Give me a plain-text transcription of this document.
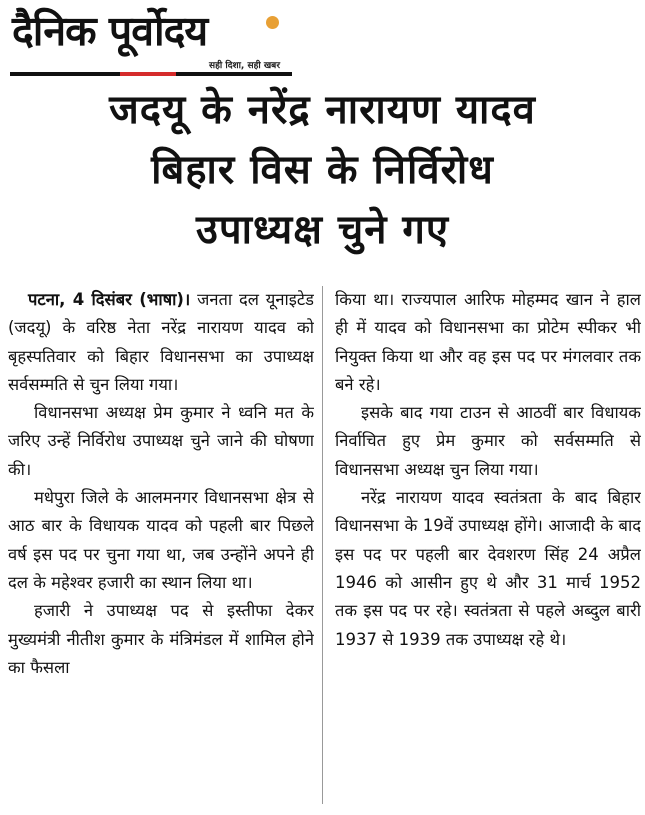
दैनिक पूर्वोदय
सही दिशा, सही खबर
जदयू के नरेंद्र नारायण यादव
बिहार विस के निर्विरोध
उपाध्यक्ष चुने गए

पटना, 4 दिसंबर (भाषा)। जनता दल यूनाइटेड (जदयू) के वरिष्ठ नेता नरेंद्र नारायण यादव को बृहस्पतिवार को बिहार विधानसभा का उपाध्यक्ष सर्वसम्मति से चुन लिया गया।

विधानसभा अध्यक्ष प्रेम कुमार ने ध्वनि मत के जरिए उन्हें निर्विरोध उपाध्यक्ष चुने जाने की घोषणा की।

मधेपुरा जिले के आलमनगर विधानसभा क्षेत्र से आठ बार के विधायक यादव को पहली बार पिछले वर्ष इस पद पर चुना गया था, जब उन्होंने अपने ही दल के महेश्वर हजारी का स्थान लिया था।

हजारी ने उपाध्यक्ष पद से इस्तीफा देकर मुख्यमंत्री नीतीश कुमार के मंत्रिमंडल में शामिल होने का फैसला

किया था। राज्यपाल आरिफ मोहम्मद खान ने हाल ही में यादव को विधानसभा का प्रोटेम स्पीकर भी नियुक्त किया था और वह इस पद पर मंगलवार तक बने रहे।

इसके बाद गया टाउन से आठवीं बार विधायक निर्वाचित हुए प्रेम कुमार को सर्वसम्मति से विधानसभा अध्यक्ष चुन लिया गया।

नरेंद्र नारायण यादव स्वतंत्रता के बाद बिहार विधानसभा के 19वें उपाध्यक्ष होंगे। आजादी के बाद इस पद पर पहली बार देवशरण सिंह 24 अप्रैल 1946 को आसीन हुए थे और 31 मार्च 1952 तक इस पद पर रहे। स्वतंत्रता से पहले अब्दुल बारी 1937 से 1939 तक उपाध्यक्ष रहे थे।
